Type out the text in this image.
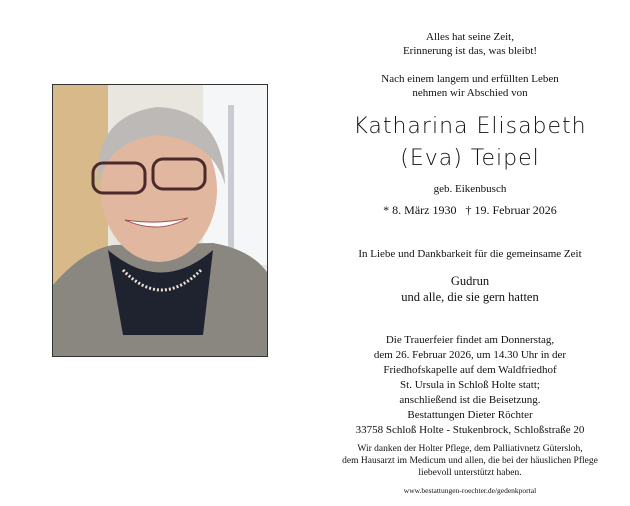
Alles hat seine Zeit,
Erinnerung ist das, was bleibt!
Nach einem langem und erfüllten Leben
nehmen wir Abschied von
Katharina Elisabeth
(Eva) Teipel
geb. Eikenbusch
* 8. März 1930   † 19. Februar 2026
In Liebe und Dankbarkeit für die gemeinsame Zeit
Gudrun
und alle, die sie gern hatten
Die Trauerfeier findet am Donnerstag,
dem 26. Februar 2026, um 14.30 Uhr in der
Friedhofskapelle auf dem Waldfriedhof
St. Ursula in Schloß Holte statt;
anschließend ist die Beisetzung.
Bestattungen Dieter Röchter
33758 Schloß Holte - Stukenbrock, Schloßstraße 20
Wir danken der Holter Pflege, dem Palliativnetz Gütersloh,
dem Hausarzt im Medicum und allen, die bei der häuslichen Pflege
liebevoll unterstützt haben.
www.bestattungen-roechter.de/gedenkportal
